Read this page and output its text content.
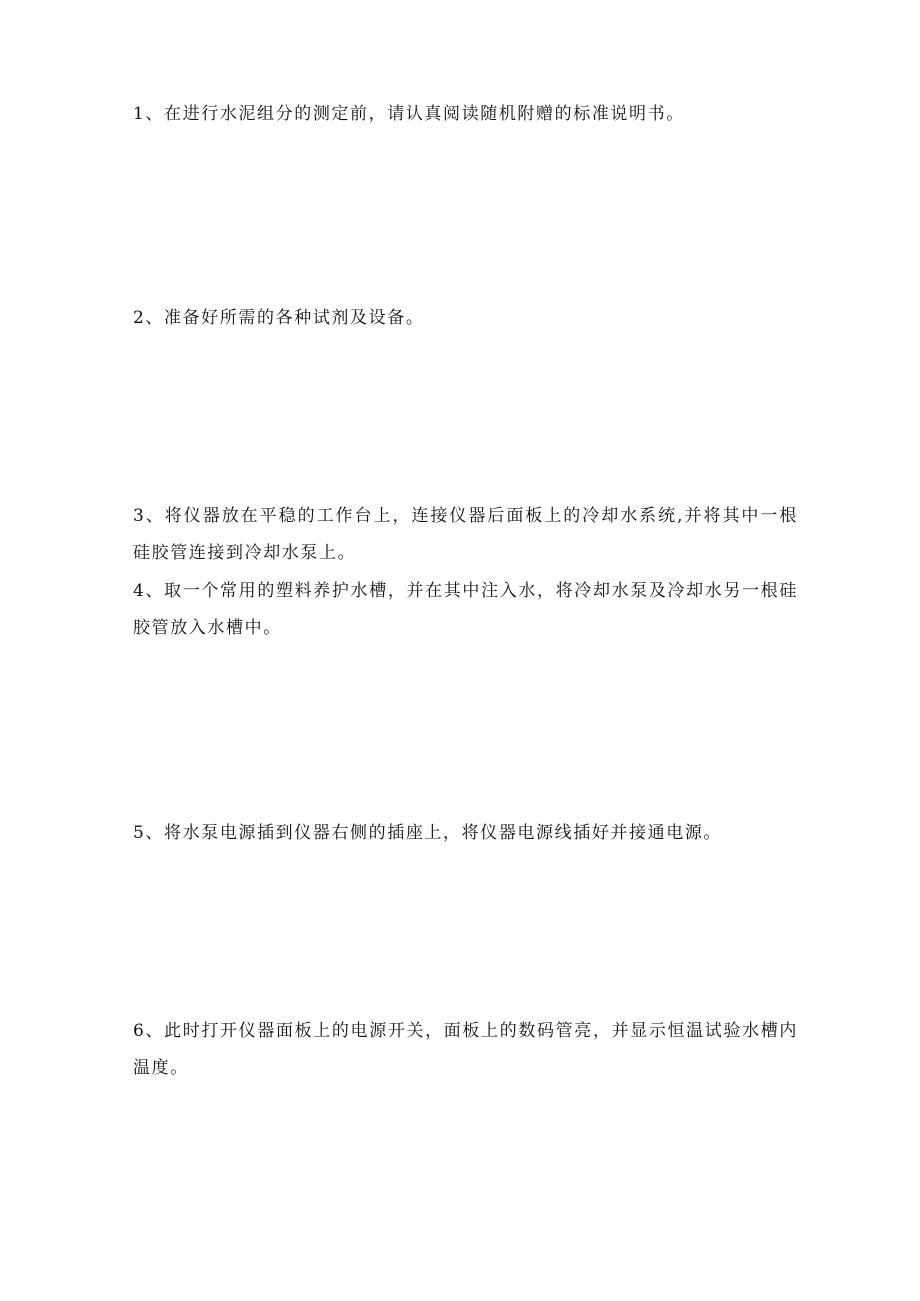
1、在进行水泥组分的测定前，请认真阅读随机附赠的标准说明书。

2、准备好所需的各种试剂及设备。

3、将仪器放在平稳的工作台上，连接仪器后面板上的冷却水系统,并将其中一根硅胶管连接到冷却水泵上。

4、取一个常用的塑料养护水槽，并在其中注入水，将冷却水泵及冷却水另一根硅胶管放入水槽中。

5、将水泵电源插到仪器右侧的插座上，将仪器电源线插好并接通电源。

6、此时打开仪器面板上的电源开关，面板上的数码管亮，并显示恒温试验水槽内温度。
